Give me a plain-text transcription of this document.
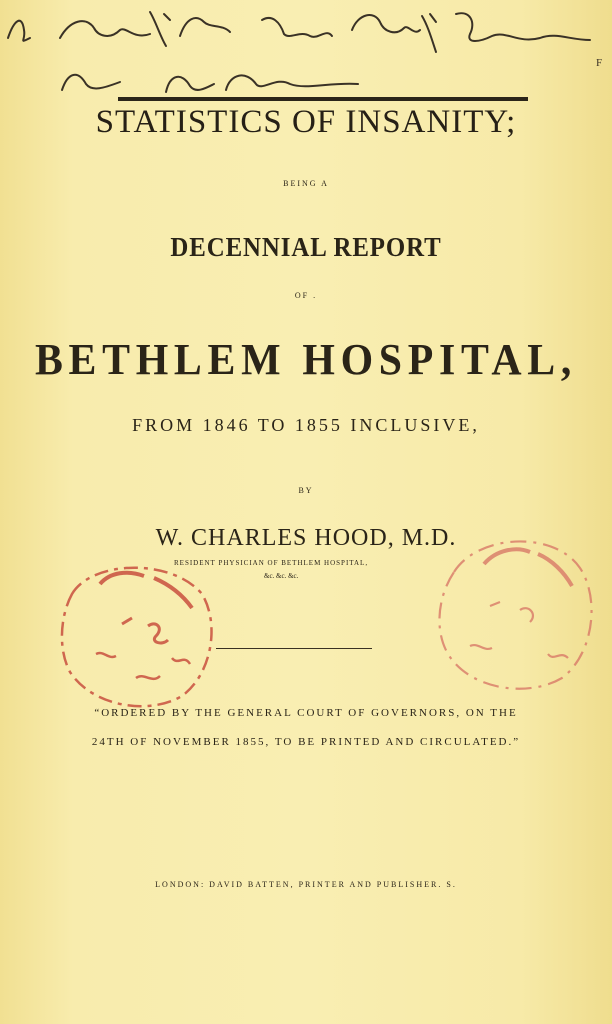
F
STATISTICS OF INSANITY;
BEING A
DECENNIAL REPORT
OF .
BETHLEM HOSPITAL,
FROM 1846 TO 1855 INCLUSIVE,
BY
W. CHARLES HOOD, M.D.
RESIDENT PHYSICIAN OF BETHLEM HOSPITAL,
&c. &c. &c.
“ORDERED BY THE GENERAL COURT OF GOVERNORS, ON THE
24TH OF NOVEMBER 1855, TO BE PRINTED AND CIRCULATED.”
LONDON: DAVID BATTEN, PRINTER AND PUBLISHER. S.
